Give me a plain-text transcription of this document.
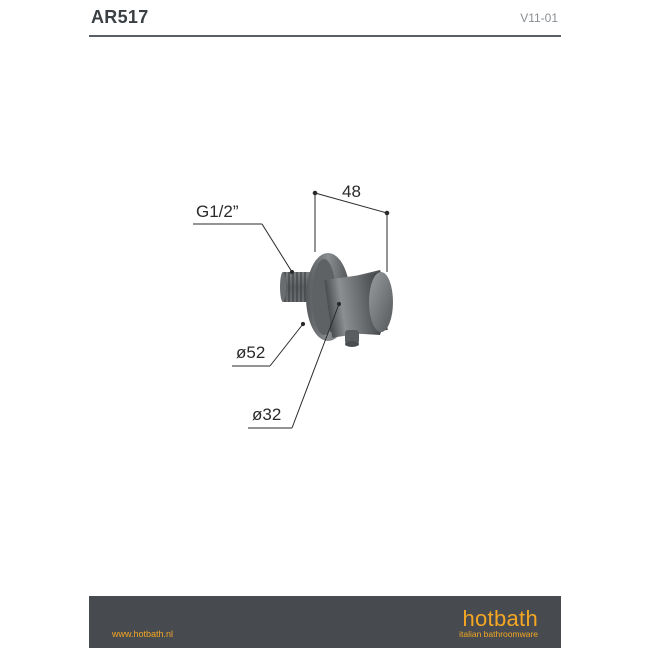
AR517	V11-01
48
G1/2”
ø52
ø32
www.hotbath.nl
hotbath
italian bathroomware
